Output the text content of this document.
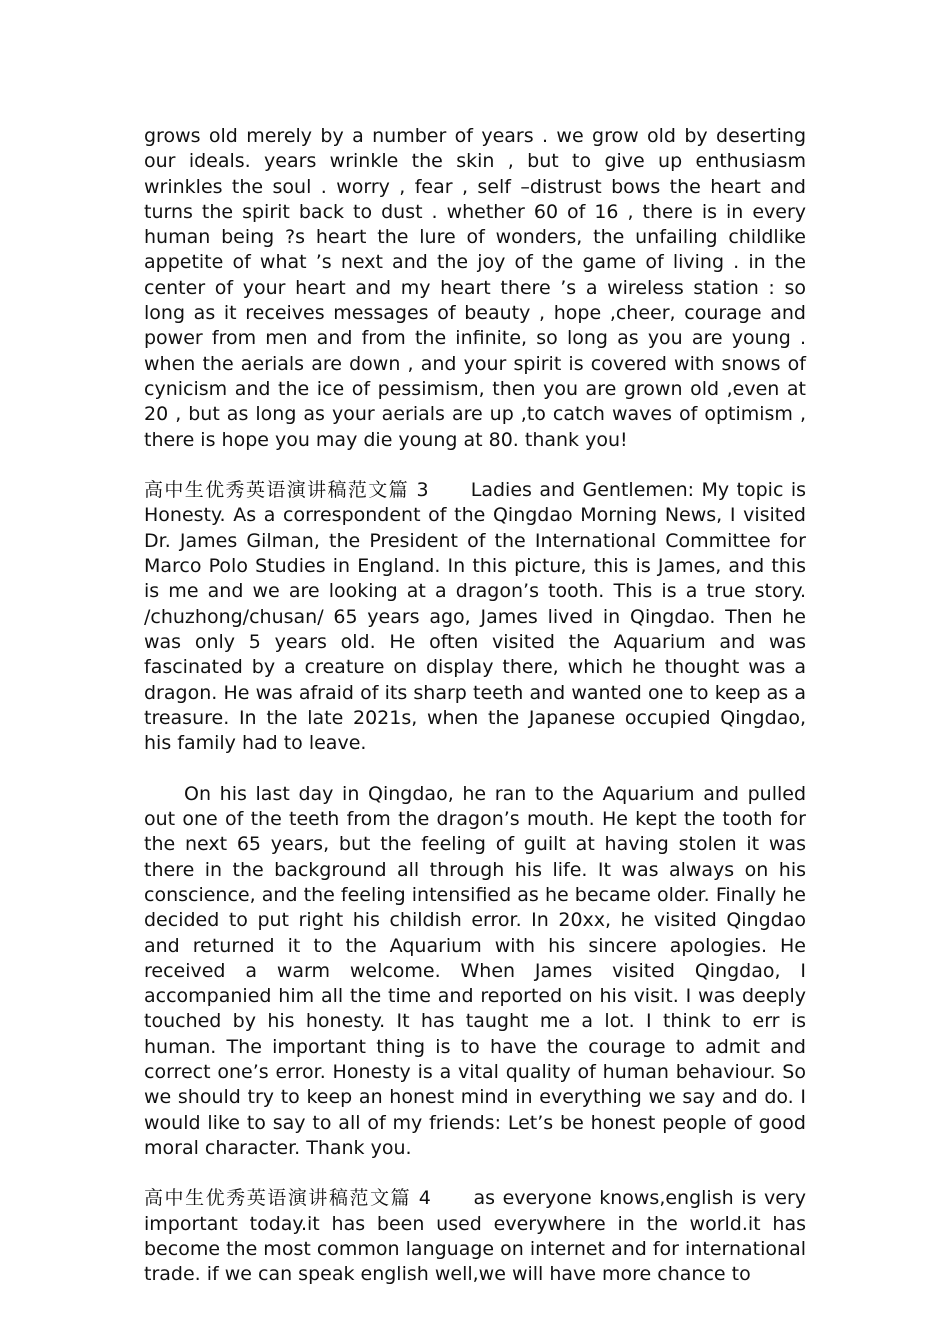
grows old merely by a number of years . we grow old by deserting our ideals. years wrinkle the skin , but to give up enthusiasm wrinkles the soul . worry , fear , self –distrust bows the heart and turns the spirit back to dust . whether 60 of 16 , there is in every human being ?s heart the lure of wonders, the unfailing childlike appetite of what ’s next and the joy of the game of living . in the center of your heart and my heart there ’s a wireless station : so long as it receives messages of beauty , hope ,cheer, courage and power from men and from the infinite, so long as you are young . when the aerials are down , and your spirit is covered with snows of cynicism and the ice of pessimism, then you are grown old ,even at 20 , but as long as your aerials are up ,to catch waves of optimism , there is hope you may die young at 80. thank you!

高中生优秀英语演讲稿范文篇 3　　Ladies and Gentlemen: My topic is Honesty. As a correspondent of the Qingdao Morning News, I visited Dr. James Gilman, the President of the International Committee for Marco Polo Studies in England. In this picture, this is James, and this is me and we are looking at a dragon’s tooth. This is a true story. /chuzhong/chusan/ 65 years ago, James lived in Qingdao. Then he was only 5 years old. He often visited the Aquarium and was fascinated by a creature on display there, which he thought was a dragon. He was afraid of its sharp teeth and wanted one to keep as a treasure. In the late 2021s, when the Japanese occupied Qingdao, his family had to leave.

On his last day in Qingdao, he ran to the Aquarium and pulled out one of the teeth from the dragon’s mouth. He kept the tooth for the next 65 years, but the feeling of guilt at having stolen it was there in the background all through his life. It was always on his conscience, and the feeling intensified as he became older. Finally he decided to put right his childish error. In 20xx, he visited Qingdao and returned it to the Aquarium with his sincere apologies. He received a warm welcome. When James visited Qingdao, I accompanied him all the time and reported on his visit. I was deeply touched by his honesty. It has taught me a lot. I think to err is human. The important thing is to have the courage to admit and correct one’s error. Honesty is a vital quality of human behaviour. So we should try to keep an honest mind in everything we say and do. I would like to say to all of my friends: Let’s be honest people of good moral character. Thank you.

高中生优秀英语演讲稿范文篇 4　　as everyone knows,english is very important today.it has been used everywhere in the world.it has become the most common language on internet and for international trade. if we can speak english well,we will have more chance to
